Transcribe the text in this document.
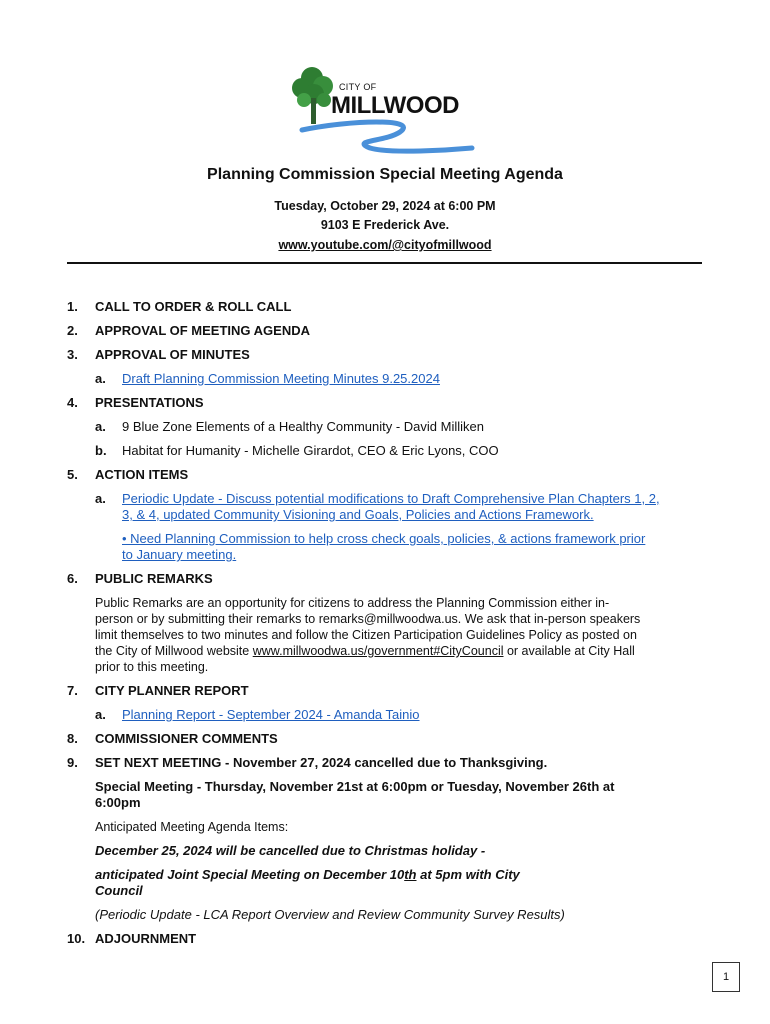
CITY OF
MILLWOOD
Planning Commission Special Meeting Agenda
Tuesday, October 29, 2024 at 6:00 PM
9103 E Frederick Ave.
www.youtube.com/@cityofmillwood
1.	CALL TO ORDER & ROLL CALL
2.	APPROVAL OF MEETING AGENDA
3.	APPROVAL OF MINUTES
a.	Draft Planning Commission Meeting Minutes 9.25.2024
4.	PRESENTATIONS
a.	9 Blue Zone Elements of a Healthy Community - David Milliken
b.	Habitat for Humanity - Michelle Girardot, CEO & Eric Lyons, COO
5.	ACTION ITEMS
a.	Periodic Update - Discuss potential modifications to Draft Comprehensive Plan Chapters 1, 2,
3, & 4, updated Community Visioning and Goals, Policies and Actions Framework.
• Need Planning Commission to help cross check goals, policies, & actions framework prior
to January meeting.
6.	PUBLIC REMARKS
Public Remarks are an opportunity for citizens to address the Planning Commission either in-
person or by submitting their remarks to remarks@millwoodwa.us. We ask that in-person speakers
limit themselves to two minutes and follow the Citizen Participation Guidelines Policy as posted on
the City of Millwood website www.millwoodwa.us/government#CityCouncil or available at City Hall
prior to this meeting.
7.	CITY PLANNER REPORT
a.	Planning Report - September 2024 - Amanda Tainio
8.	COMMISSIONER COMMENTS
9.	SET NEXT MEETING - November 27, 2024 cancelled due to Thanksgiving.
Special Meeting - Thursday, November 21st at 6:00pm or Tuesday, November 26th at
6:00pm
Anticipated Meeting Agenda Items:
December 25, 2024 will be cancelled due to Christmas holiday -
anticipated Joint Special Meeting on December 10th at 5pm with City
Council
(Periodic Update - LCA Report Overview and Review Community Survey Results)
10. ADJOURNMENT
1
